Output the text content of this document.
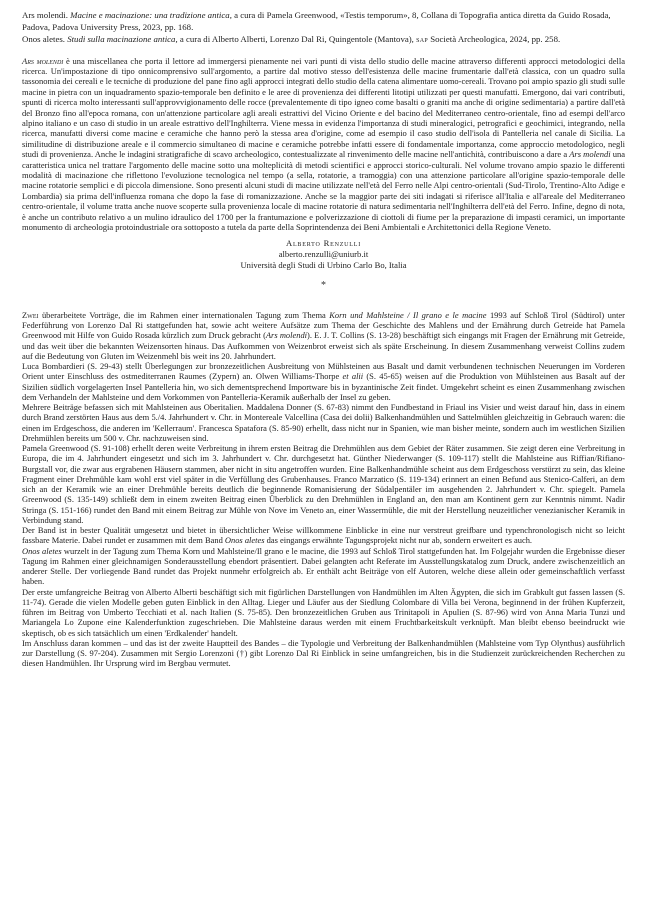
Ars molendi. Macine e macinazione: una tradizione antica, a cura di Pamela Greenwood, «Testis temporum», 8, Collana di Topografia antica diretta da Guido Rosada, Padova, Padova University Press, 2023, pp. 168.

Onos aletes. Studi sulla macinazione antica, a cura di Alberto Alberti, Lorenzo Dal Ri, Quingentole (Mantova), sap Società Archeologica, 2024, pp. 258.

Ars molendi è una miscellanea che porta il lettore ad immergersi pienamente nei vari punti di vista dello studio delle macine attraverso differenti approcci metodologici della ricerca. Un'impostazione di tipo onnicomprensivo sull'argomento, a partire dal motivo stesso dell'esistenza delle macine frumentarie dall'età classica, con un quadro sulla tassonomia dei cereali e le tecniche di produzione del pane fino agli approcci integrati dello studio della catena alimentare uomo-cereali. Trovano poi ampio spazio gli studi sulle macine in pietra con un inquadramento spazio-temporale ben definito e le aree di provenienza dei differenti litotipi utilizzati per questi manufatti. Emergono, dai vari contributi, spunti di ricerca molto interessanti sull'approvvigionamento delle rocce (prevalentemente di tipo igneo come basalti o graniti ma anche di origine sedimentaria) a partire dall'età del Bronzo fino all'epoca romana, con un'attenzione particolare agli areali estrattivi del Vicino Oriente e del bacino del Mediterraneo centro-orientale, fino ad esempi dell'arco alpino italiano e un caso di studio in un areale estrattivo dell'Inghilterra. Viene messa in evidenza l'importanza di studi mineralogici, petrografici e geochimici, integrando, nella ricerca, manufatti diversi come macine e ceramiche che hanno però la stessa area d'origine, come ad esempio il caso studio dell'isola di Pantelleria nel canale di Sicilia. La similitudine di distribuzione areale e il commercio simultaneo di macine e ceramiche potrebbe infatti essere di fondamentale importanza, come approccio metodologico, negli studi di provenienza. Anche le indagini stratigrafiche di scavo archeologico, contestualizzate al rinvenimento delle macine nell'antichità, contribuiscono a dare a Ars molendi una caratteristica unica nel trattare l'argomento delle macine sotto una molteplicità di metodi scientifici e approcci storico-culturali. Nel volume trovano ampio spazio le differenti modalità di macinazione che riflettono l'evoluzione tecnologica nel tempo (a sella, rotatorie, a tramoggia) con una attenzione particolare all'origine spazio-temporale delle macine rotatorie semplici e di piccola dimensione. Sono presenti alcuni studi di macine utilizzate nell'età del Ferro nelle Alpi centro-orientali (Sud-Tirolo, Trentino-Alto Adige e Lombardia) sia prima dell'influenza romana che dopo la fase di romanizzazione. Anche se la maggior parte dei siti indagati si riferisce all'Italia e all'areale del Mediterraneo centro-orientale, il volume tratta anche nuove scoperte sulla provenienza locale di macine rotatorie di natura sedimentaria nell'Inghilterra dell'età del Ferro. Infine, degno di nota, è anche un contributo relativo a un mulino idraulico del 1700 per la frantumazione e polverizzazione di ciottoli di fiume per la preparazione di impasti ceramici, un importante monumento di archeologia protoindustriale ora sottoposto a tutela da parte della Soprintendenza dei Beni Ambientali e Architettonici della Regione Veneto.

Alberto Renzulli
alberto.renzulli@uniurb.it
Università degli Studi di Urbino Carlo Bo, Italia
*

Zwei überarbeitete Vorträge, die im Rahmen einer internationalen Tagung zum Thema Korn und Mahlsteine / Il grano e le macine 1993 auf Schloß Tirol (Südtirol) unter Federführung von Lorenzo Dal Ri stattgefunden hat, sowie acht weitere Aufsätze zum Thema der Geschichte des Mahlens und der Ernährung durch Getreide hat Pamela Greenwood mit Hilfe von Guido Rosada kürzlich zum Druck gebracht (Ars molendi). E. J. T. Collins (S. 13-28) beschäftigt sich eingangs mit Fragen der Ernährung mit Getreide, und das weit über die bekannten Weizensorten hinaus. Das Aufkommen von Weizenbrot erweist sich als späte Erscheinung. In diesem Zusammenhang verweist Collins zudem auf die Bedeutung von Gluten im Weizenmehl bis weit ins 20. Jahrhundert.

Luca Bombardieri (S. 29-43) stellt Überlegungen zur bronzezeitlichen Ausbreitung von Mühlsteinen aus Basalt und damit verbundenen technischen Neuerungen im Vorderen Orient unter Einschluss des ostmediterranen Raumes (Zypern) an. Olwen Williams-Thorpe et alii (S. 45-65) weisen auf die Produktion von Mühlsteinen aus Basalt auf der Sizilien südlich vorgelagerten Insel Pantelleria hin, wo sich dementsprechend Importware bis in byzantinische Zeit findet. Umgekehrt scheint es einen Zusammenhang zwischen dem Verhandeln der Mahlsteine und dem Vorkommen von Pantelleria-Keramik außerhalb der Insel zu geben.

Mehrere Beiträge befassen sich mit Mahlsteinen aus Oberitalien. Maddalena Donner (S. 67-83) nimmt den Fundbestand in Friaul ins Visier und weist darauf hin, dass in einem durch Brand zerstörten Haus aus dem 5./4. Jahrhundert v. Chr. in Montereale Valcellina (Casa dei dolii) Balkenhandmühlen und Sattelmühlen gleichzeitig in Gebrauch waren: die einen im Erdgeschoss, die anderen im 'Kellerraum'. Francesca Spatafora (S. 85-90) erhellt, dass nicht nur in Spanien, wie man bisher meinte, sondern auch im westlichen Sizilien Drehmühlen bereits um 500 v. Chr. nachzuweisen sind.

Pamela Greenwood (S. 91-108) erhellt deren weite Verbreitung in ihrem ersten Beitrag die Drehmühlen aus dem Gebiet der Räter zusammen. Sie zeigt deren eine Verbreitung in Europa, die im 4. Jahrhundert eingesetzt und sich im 3. Jahrhundert v. Chr. durchgesetzt hat. Günther Niederwanger (S. 109-117) stellt die Mahlsteine aus Riffian/Rifiano-Burgstall vor, die zwar aus ergrabenen Häusern stammen, aber nicht in situ angetroffen wurden. Eine Balkenhandmühle scheint aus dem Erdgeschoss verstürzt zu sein, das kleine Fragment einer Drehmühle kam wohl erst viel später in die Verfüllung des Grubenhauses. Franco Marzatico (S. 119-134) erinnert an einen Befund aus Stenico-Calferi, an dem sich an der Keramik wie an einer Drehmühle bereits deutlich die beginnende Romanisierung der Südalpentäler im ausgehenden 2. Jahrhundert v. Chr. spiegelt. Pamela Greenwood (S. 135-149) schließt dem in einem zweiten Beitrag einen Überblick zu den Drehmühlen in England an, den man am Kontinent gern zur Kenntnis nimmt. Nadir Stringa (S. 151-166) rundet den Band mit einem Beitrag zur Mühle von Nove im Veneto an, einer Wassermühle, die mit der Herstellung neuzeitlicher venezianischer Keramik in Verbindung stand.

Der Band ist in bester Qualität umgesetzt und bietet in übersichtlicher Weise willkommene Einblicke in eine nur verstreut greifbare und typenchronologisch nicht so leicht fassbare Materie. Dabei rundet er zusammen mit dem Band Onos aletes das eingangs erwähnte Tagungsprojekt nicht nur ab, sondern erweitert es auch.

Onos aletes wurzelt in der Tagung zum Thema Korn und Mahlsteine/Il grano e le macine, die 1993 auf Schloß Tirol stattgefunden hat. Im Folgejahr wurden die Ergebnisse dieser Tagung im Rahmen einer gleichnamigen Sonderausstellung ebendort präsentiert. Dabei gelangten acht Referate im Ausstellungskatalog zum Druck, andere zwischenzeitlich an anderer Stelle. Der vorliegende Band rundet das Projekt nunmehr erfolgreich ab. Er enthält acht Beiträge von elf Autoren, welche diese allein oder gemeinschaftlich verfasst haben.

Der erste umfangreiche Beitrag von Alberto Alberti beschäftigt sich mit figürlichen Darstellungen von Handmühlen im Alten Ägypten, die sich im Grabkult gut fassen lassen (S. 11-74). Gerade die vielen Modelle geben guten Einblick in den Alltag. Lieger und Läufer aus der Siedlung Colombare di Villa bei Verona, beginnend in der frühen Kupferzeit, führen im Beitrag von Umberto Tecchiati et al. nach Italien (S. 75-85). Den bronzezeitlichen Gruben aus Trinitapoli in Apulien (S. 87-96) wird von Anna Maria Tunzi und Mariangela Lo Zupone eine Kalenderfunktion zugeschrieben. Die Mahlsteine daraus werden mit einem Fruchtbarkeitskult verknüpft. Man bleibt ebenso beeindruckt wie skeptisch, ob es sich tatsächlich um einen 'Erdkalender' handelt.

Im Anschluss daran kommen – und das ist der zweite Hauptteil des Bandes – die Typologie und Verbreitung der Balkenhandmühlen (Mahlsteine vom Typ Olynthus) ausführlich zur Darstellung (S. 97-204). Zusammen mit Sergio Lorenzoni (†) gibt Lorenzo Dal Ri Einblick in seine umfangreichen, bis in die Studienzeit zurückreichenden Recherchen zu diesen Handmühlen. Ihr Ursprung wird im Bergbau vermutet.
